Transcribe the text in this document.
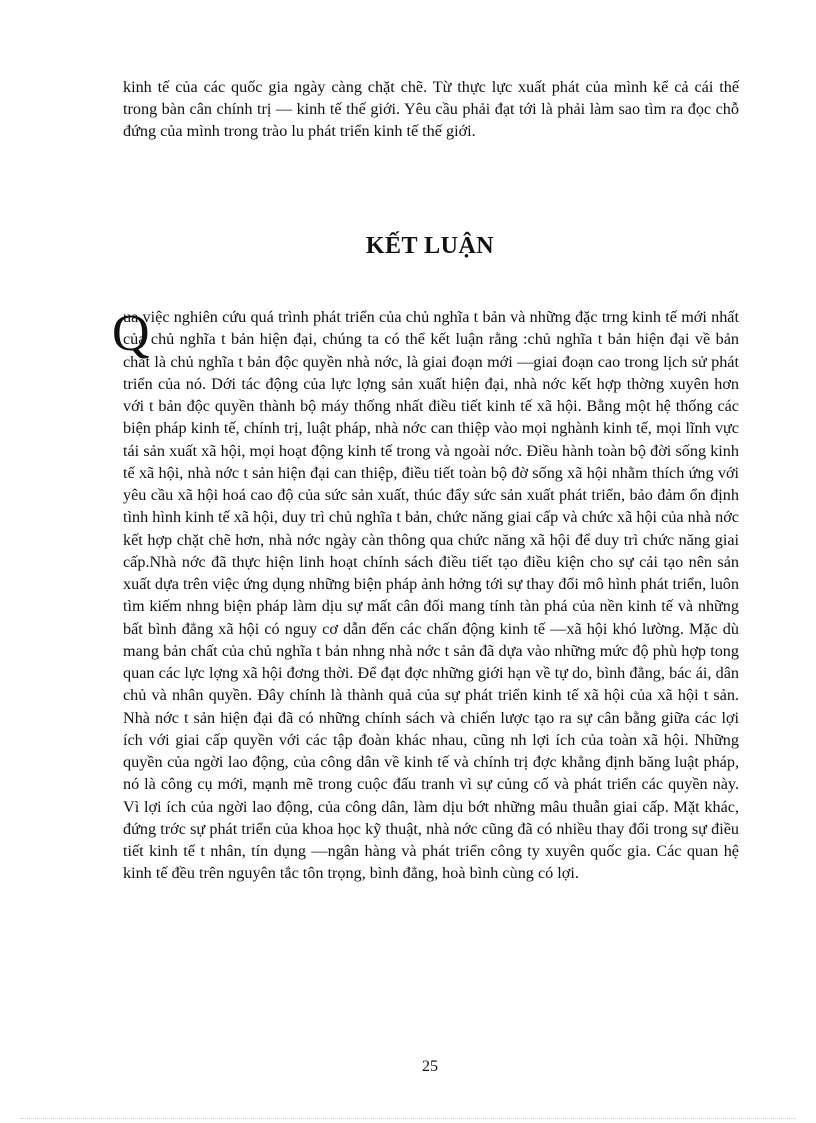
kinh tế của các quốc gia ngày càng chặt chẽ. Từ thực lực xuất phát của mình kể cả cái thế trong bàn cân chính trị — kinh tế thế giới. Yêu cầu phải đạt tới là phải làm sao tìm ra đọc chỗ đứng của mình trong trào lu phát triển kinh tế thế giới.

KẾT LUẬN
Q

ua việc nghiên cứu quá trình phát triển của chủ nghĩa t bản và những đặc trng kinh tế mới nhất của chủ nghĩa t bản hiện đại, chúng ta có thể kết luận rằng :chủ nghĩa t bản hiện đại về bản chất là chủ nghĩa t bản độc quyền nhà nớc, là giai đoạn mới —giai đoạn cao trong lịch sử phát triển của nó. Dới tác động của lực lợng sản xuất hiện đại, nhà nớc kết hợp thờng xuyên hơn với t bản độc quyền thành bộ máy thống nhất điều tiết kinh tế xã hội. Bằng một hệ thống các biện pháp kinh tế, chính trị, luật pháp, nhà nớc can thiệp vào mọi nghành kinh tế, mọi lĩnh vực tái sản xuất xã hội, mọi hoạt động kinh tế trong và ngoài nớc. Điều hành toàn bộ đời sống kinh tế xã hội, nhà nớc t sản hiện đại can thiệp, điều tiết toàn bộ đờ sống xã hội nhằm thích ứng với yêu cầu xã hội hoá cao độ của sức sản xuất, thúc đẩy sức sản xuất phát triển, bảo đảm ổn định tình hình kinh tế xã hội, duy trì chủ nghĩa t bản, chức năng giai cấp và chức xã hội của nhà nớc kết hợp chặt chẽ hơn, nhà nớc ngày càn thông qua chức năng xã hội để duy trì chức năng giai cấp.Nhà nớc đã thực hiện linh hoạt chính sách điều tiết tạo điều kiện cho sự cải tạo nên sản xuất dựa trên việc ứng dụng những biện pháp ảnh hởng tới sự thay đổi mô hình phát triển, luôn tìm kiếm nhng biện pháp làm dịu sự mất cân đối mang tính tàn phá của nền kinh tế và những bất bình đẳng xã hội có nguy cơ dẫn đến các chấn động kinh tế —xã hội khó lường. Mặc dù mang bản chất của chủ nghĩa t bản nhng nhà nớc t sản đã dựa vào những mức độ phù hợp tong quan các lực lợng xã hội đơng thời. Để đạt đợc những giới hạn về tự do, bình đẳng, bác ái, dân chủ và nhân quyền. Đây chính là thành quả của sự phát triển kinh tế xã hội của xã hội t sản. Nhà nớc t sản hiện đại đã có những chính sách và chiến lược tạo ra sự cân bằng giữa các lợi ích với giai cấp quyền với các tập đoàn khác nhau, cũng nh lợi ích của toàn xã hội. Những quyền của ngời lao động, của công dân về kinh tế và chính trị đợc khẳng định băng luật pháp, nó là công cụ mới, mạnh mẽ trong cuộc đấu tranh vì sự củng cố và phát triển các quyền này. Vì lợi ích của ngời lao động, của công dân, làm dịu bớt những mâu thuẫn giai cấp. Mặt khác, đứng trớc sự phát triển của khoa học kỹ thuật, nhà nớc cũng đã có nhiều thay đổi trong sự điều tiết kinh tế t nhân, tín dụng —ngân hàng và phát triển công ty xuyên quốc gia. Các quan hệ kinh tế đều trên nguyên tắc tôn trọng, bình đẳng, hoà bình cùng có lợi.

25
